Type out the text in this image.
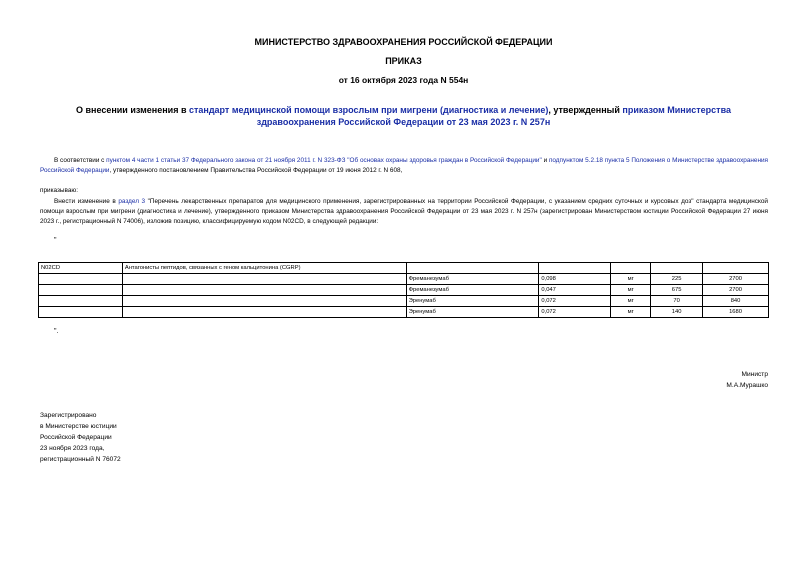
МИНИСТЕРСТВО ЗДРАВООХРАНЕНИЯ РОССИЙСКОЙ ФЕДЕРАЦИИ
ПРИКАЗ
от 16 октября 2023 года N 554н
О внесении изменения в стандарт медицинской помощи взрослым при мигрени (диагностика и лечение), утвержденный приказом Министерства здравоохранения Российской Федерации от 23 мая 2023 г. N 257н
В соответствии с пунктом 4 части 1 статьи 37 Федерального закона от 21 ноября 2011 г. N 323-ФЗ "Об основах охраны здоровья граждан в Российской Федерации" и подпунктом 5.2.18 пункта 5 Положения о Министерстве здравоохранения Российской Федерации, утвержденного постановлением Правительства Российской Федерации от 19 июня 2012 г. N 608,
приказываю:
Внести изменение в раздел 3 "Перечень лекарственных препаратов для медицинского применения, зарегистрированных на территории Российской Федерации, с указанием средних суточных и курсовых доз" стандарта медицинской помощи взрослым при мигрени (диагностика и лечение), утвержденного приказом Министерства здравоохранения Российской Федерации от 23 мая 2023 г. N 257н (зарегистрирован Министерством юстиции Российской Федерации 27 июня 2023 г., регистрационный N 74006), изложив позицию, классифицируемую кодом N02CD, в следующей редакции:
"
N02CD	Антагонисты пептидов, связанных с геном кальцитонина (CGRP)					
		Фреманезумаб	0,098	мг	225	2700
		Фреманезумаб	0,047	мг	675	2700
		Эренумаб	0,072	мг	70	840
		Эренумаб	0,072	мг	140	1680
".
Министр
М.А.Мурашко
Зарегистрировано
в Министерстве юстиции
Российской Федерации
23 ноября 2023 года,
регистрационный N 76072
